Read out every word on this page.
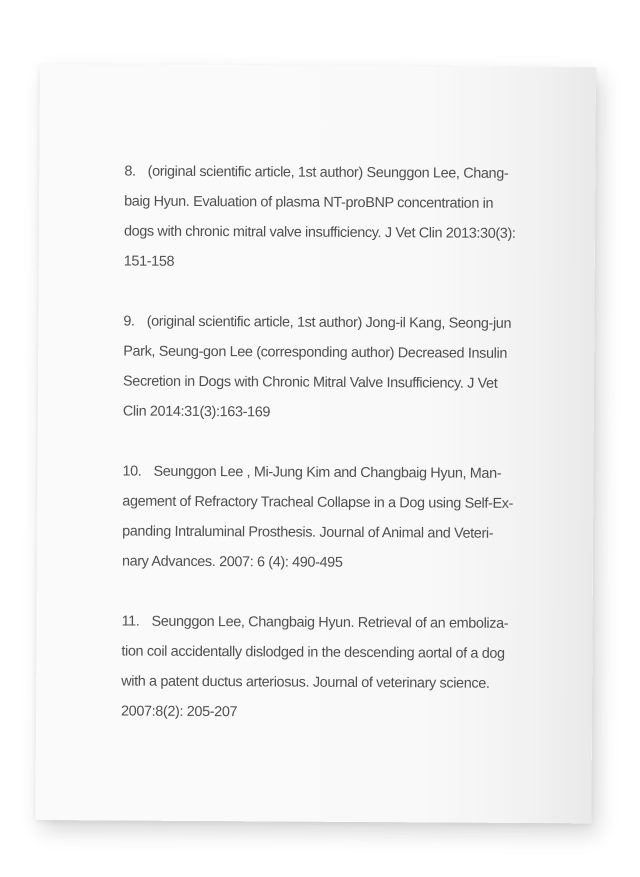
8. (original scientific article, 1st author) Seunggon Lee, Chang-baig Hyun. Evaluation of plasma NT-proBNP concentration in dogs with chronic mitral valve insufficiency. J Vet Clin 2013:30(3): 151-158
9. (original scientific article, 1st author) Jong-il Kang, Seong-jun Park, Seung-gon Lee (corresponding author) Decreased Insulin Secretion in Dogs with Chronic Mitral Valve Insufficiency. J Vet Clin 2014:31(3):163-169
10. Seunggon Lee , Mi-Jung Kim and Changbaig Hyun, Man-agement of Refractory Tracheal Collapse in a Dog using Self-Ex-panding Intraluminal Prosthesis. Journal of Animal and Veteri-nary Advances. 2007: 6 (4): 490-495
11. Seunggon Lee, Changbaig Hyun. Retrieval of an emboliza-tion coil accidentally dislodged in the descending aortal of a dog with a patent ductus arteriosus. Journal of veterinary science. 2007:8(2): 205-207
